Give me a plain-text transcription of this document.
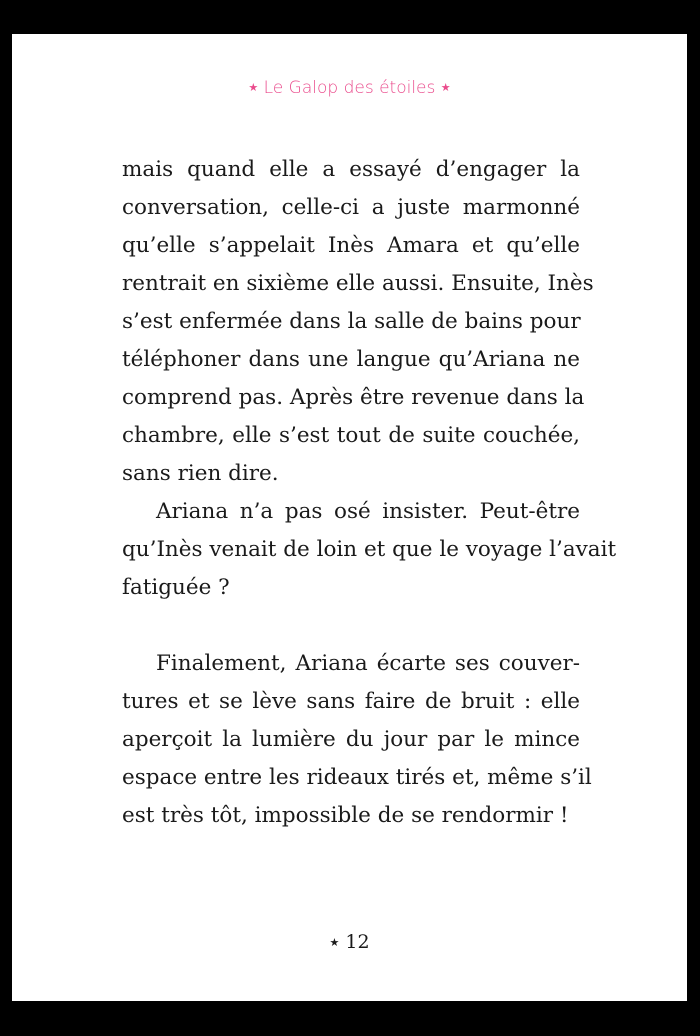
★ Le Galop des étoiles ★
mais quand elle a essayé d’engager la
conversation, celle-ci a juste marmonné
qu’elle s’appelait Inès Amara et qu’elle
rentrait en sixième elle aussi. Ensuite, Inès
s’est enfermée dans la salle de bains pour
téléphoner dans une langue qu’Ariana ne
comprend pas. Après être revenue dans la
chambre, elle s’est tout de suite couchée,
sans rien dire.
Ariana n’a pas osé insister. Peut-être
qu’Inès venait de loin et que le voyage l’avait
fatiguée ?
Finalement, Ariana écarte ses couver-
tures et se lève sans faire de bruit : elle
aperçoit la lumière du jour par le mince
espace entre les rideaux tirés et, même s’il
est très tôt, impossible de se rendormir !
★ 12
